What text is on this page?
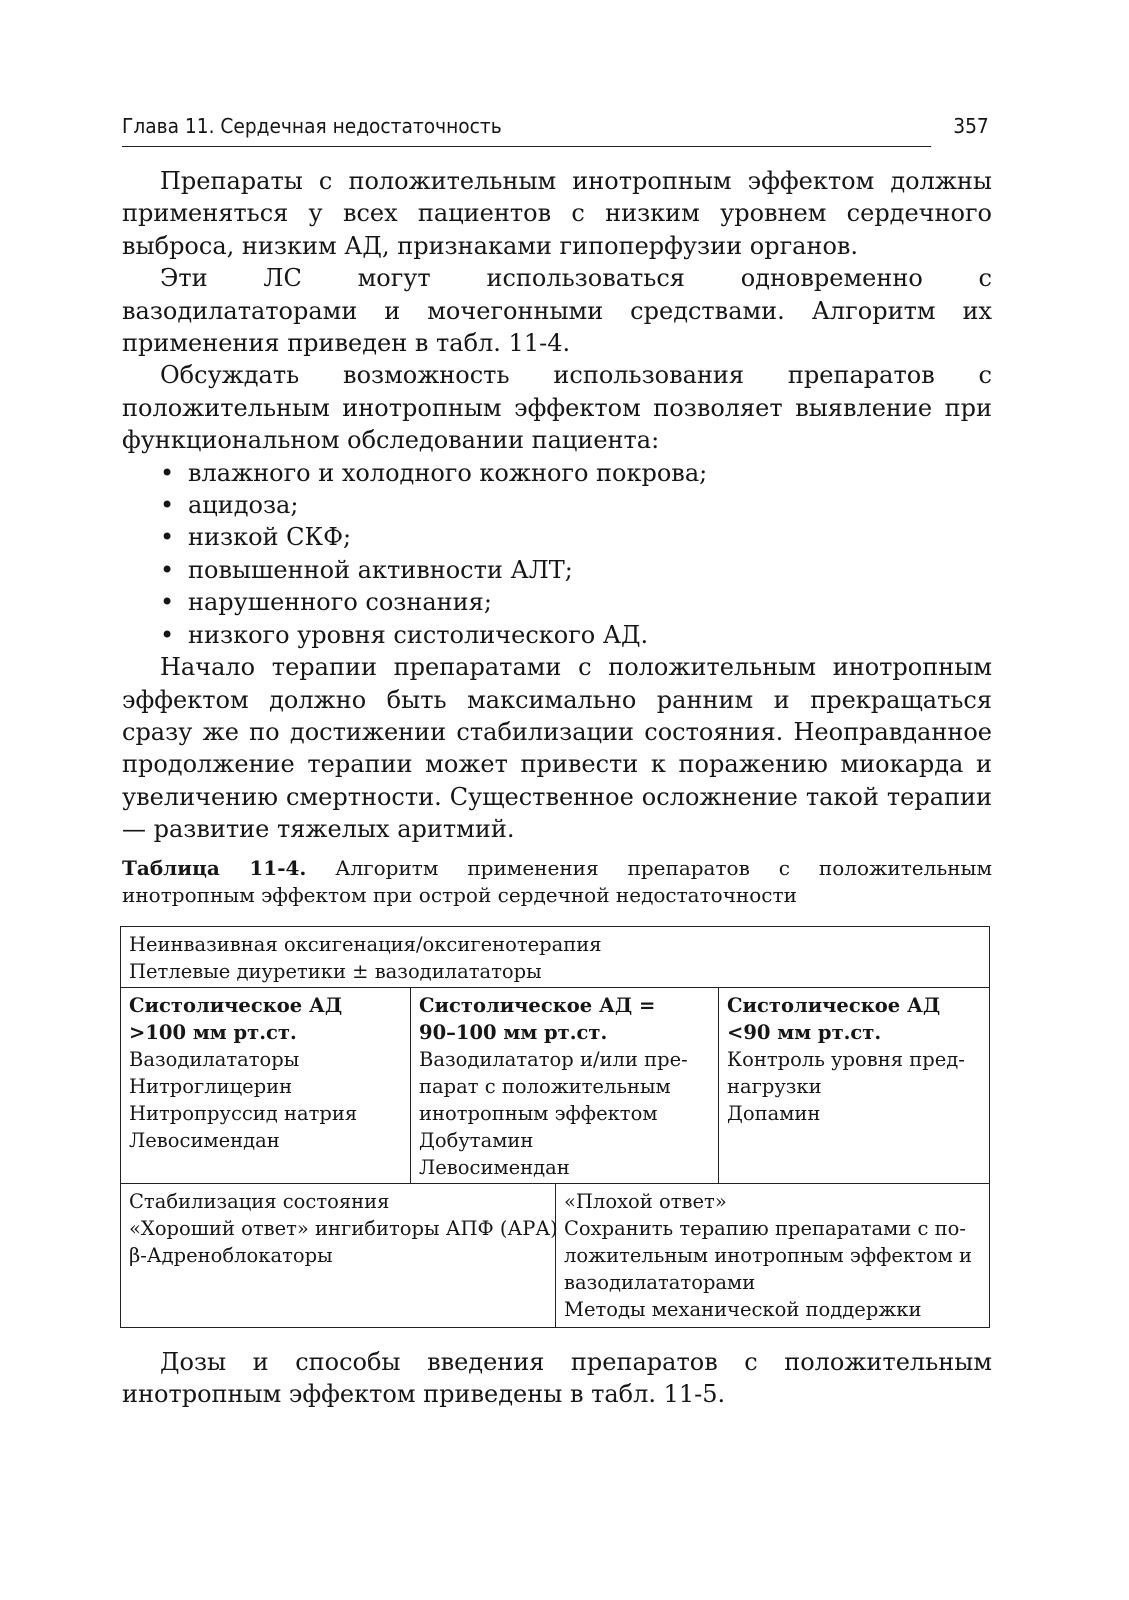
Глава 11. Сердечная недостаточность	357

Препараты с положительным инотропным эффектом должны применяться у всех пациентов с низким уровнем сердечного выброса, низким АД, признаками гипоперфузии органов.

Эти ЛС могут использоваться одновременно с вазодилататорами и мочегонными средствами. Алгоритм их применения приведен в табл. 11-4.

Обсуждать возможность использования препаратов с положительным инотропным эффектом позволяет выявление при функциональном обследовании пациента:

• влажного и холодного кожного покрова;
• ацидоза;
• низкой СКФ;
• повышенной активности АЛТ;
• нарушенного сознания;
• низкого уровня систолического АД.

Начало терапии препаратами с положительным инотропным эффектом должно быть максимально ранним и прекращаться сразу же по достижении стабилизации состояния. Неоправданное продолжение терапии может привести к поражению миокарда и увеличению смертности. Существенное осложнение такой терапии — развитие тяжелых аритмий.

Таблица 11-4. Алгоритм применения препаратов с положительным инотропным эффектом при острой сердечной недостаточности
Неинвазивная оксигенация/оксигенотерапия
Петлевые диуретики ± вазодилататоры
Систолическое АД
>100 мм рт.ст.
Вазодилататоры
Нитроглицерин
Нитропруссид натрия
Левосимендан
Систолическое АД =
90–100 мм рт.ст.
Вазодилататор и/или пре-
парат с положительным
инотропным эффектом
Добутамин
Левосимендан
Систолическое АД
<90 мм рт.ст.
Контроль уровня пред-
нагрузки
Допамин
Стабилизация состояния
«Хороший ответ» ингибиторы АПФ (АРА)
β-Адреноблокаторы
«Плохой ответ»
Сохранить терапию препаратами с по-
ложительным инотропным эффектом и
вазодилататорами
Методы механической поддержки

Дозы и способы введения препаратов с положительным инотропным эффектом приведены в табл. 11-5.
